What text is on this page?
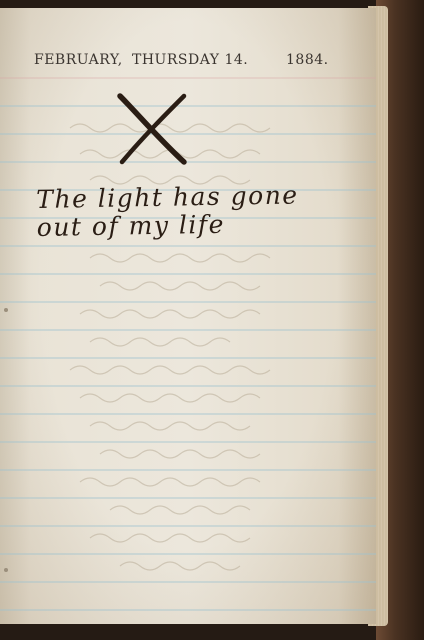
FEBRUARY, THURSDAY 14.	1884.
The light has gone
out of my life
